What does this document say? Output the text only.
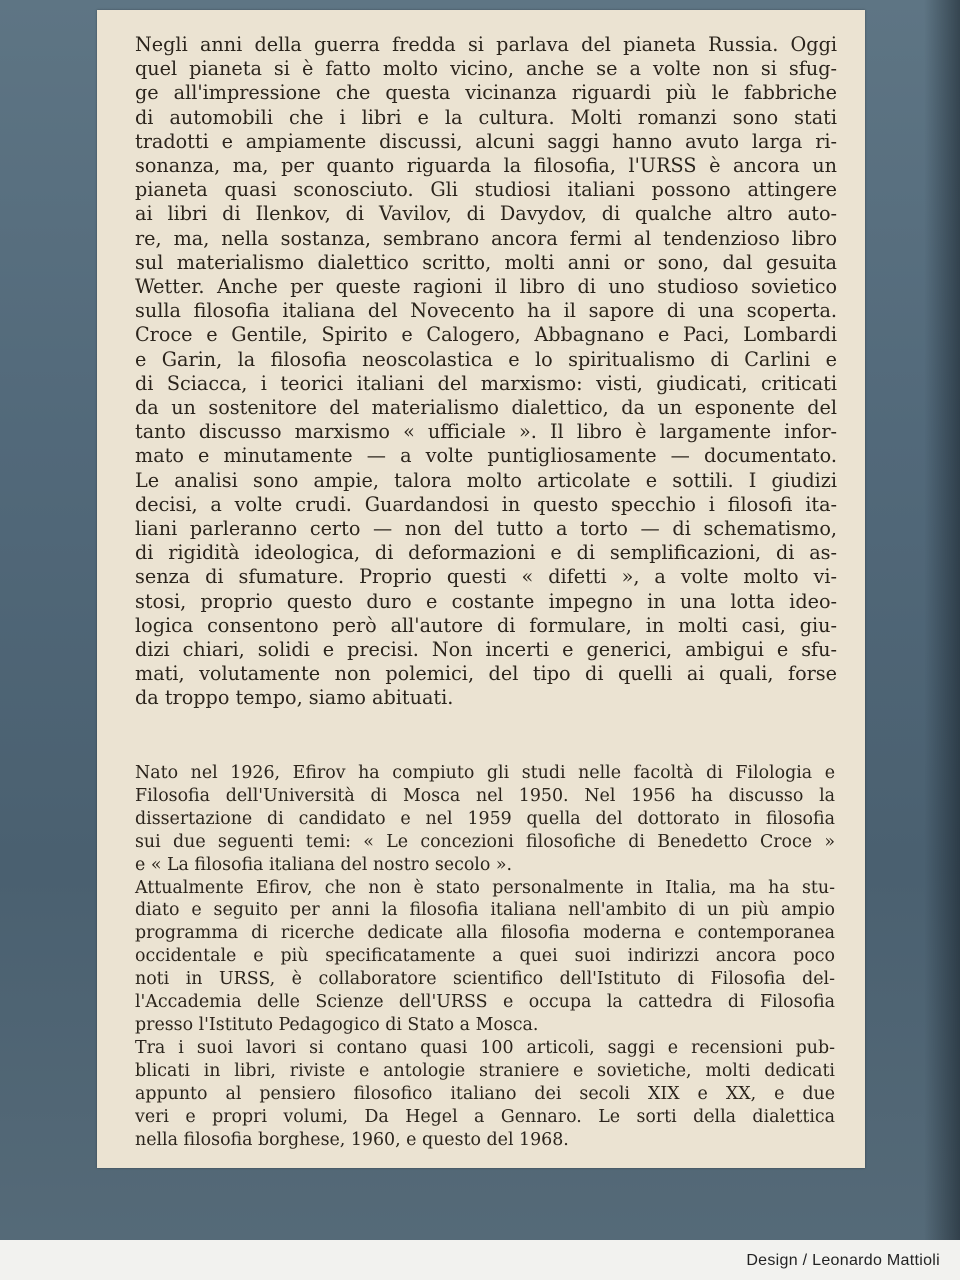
Negli anni della guerra fredda si parlava del pianeta Russia. Oggi
quel pianeta si è fatto molto vicino, anche se a volte non si sfug-
ge all'impressione che questa vicinanza riguardi più le fabbriche
di automobili che i libri e la cultura. Molti romanzi sono stati
tradotti e ampiamente discussi, alcuni saggi hanno avuto larga ri-
sonanza, ma, per quanto riguarda la filosofia, l'URSS è ancora un
pianeta quasi sconosciuto. Gli studiosi italiani possono attingere
ai libri di Ilenkov, di Vavilov, di Davydov, di qualche altro auto-
re, ma, nella sostanza, sembrano ancora fermi al tendenzioso libro
sul materialismo dialettico scritto, molti anni or sono, dal gesuita
Wetter. Anche per queste ragioni il libro di uno studioso sovietico
sulla filosofia italiana del Novecento ha il sapore di una scoperta.
Croce e Gentile, Spirito e Calogero, Abbagnano e Paci, Lombardi
e Garin, la filosofia neoscolastica e lo spiritualismo di Carlini e
di Sciacca, i teorici italiani del marxismo: visti, giudicati, criticati
da un sostenitore del materialismo dialettico, da un esponente del
tanto discusso marxismo « ufficiale ». Il libro è largamente infor-
mato e minutamente — a volte puntigliosamente — documentato.
Le analisi sono ampie, talora molto articolate e sottili. I giudizi
decisi, a volte crudi. Guardandosi in questo specchio i filosofi ita-
liani parleranno certo — non del tutto a torto — di schematismo,
di rigidità ideologica, di deformazioni e di semplificazioni, di as-
senza di sfumature. Proprio questi « difetti », a volte molto vi-
stosi, proprio questo duro e costante impegno in una lotta ideo-
logica consentono però all'autore di formulare, in molti casi, giu-
dizi chiari, solidi e precisi. Non incerti e generici, ambigui e sfu-
mati, volutamente non polemici, del tipo di quelli ai quali, forse
da troppo tempo, siamo abituati.
Nato nel 1926, Efirov ha compiuto gli studi nelle facoltà di Filologia e
Filosofia dell'Università di Mosca nel 1950. Nel 1956 ha discusso la
dissertazione di candidato e nel 1959 quella del dottorato in filosofia
sui due seguenti temi: « Le concezioni filosofiche di Benedetto Croce »
e « La filosofia italiana del nostro secolo ».
Attualmente Efirov, che non è stato personalmente in Italia, ma ha stu-
diato e seguito per anni la filosofia italiana nell'ambito di un più ampio
programma di ricerche dedicate alla filosofia moderna e contemporanea
occidentale e più specificatamente a quei suoi indirizzi ancora poco
noti in URSS, è collaboratore scientifico dell'Istituto di Filosofia del-
l'Accademia delle Scienze dell'URSS e occupa la cattedra di Filosofia
presso l'Istituto Pedagogico di Stato a Mosca.
Tra i suoi lavori si contano quasi 100 articoli, saggi e recensioni pub-
blicati in libri, riviste e antologie straniere e sovietiche, molti dedicati
appunto al pensiero filosofico italiano dei secoli XIX e XX, e due
veri e propri volumi, Da Hegel a Gennaro. Le sorti della dialettica
nella filosofia borghese, 1960, e questo del 1968.
Design / Leonardo Mattioli
